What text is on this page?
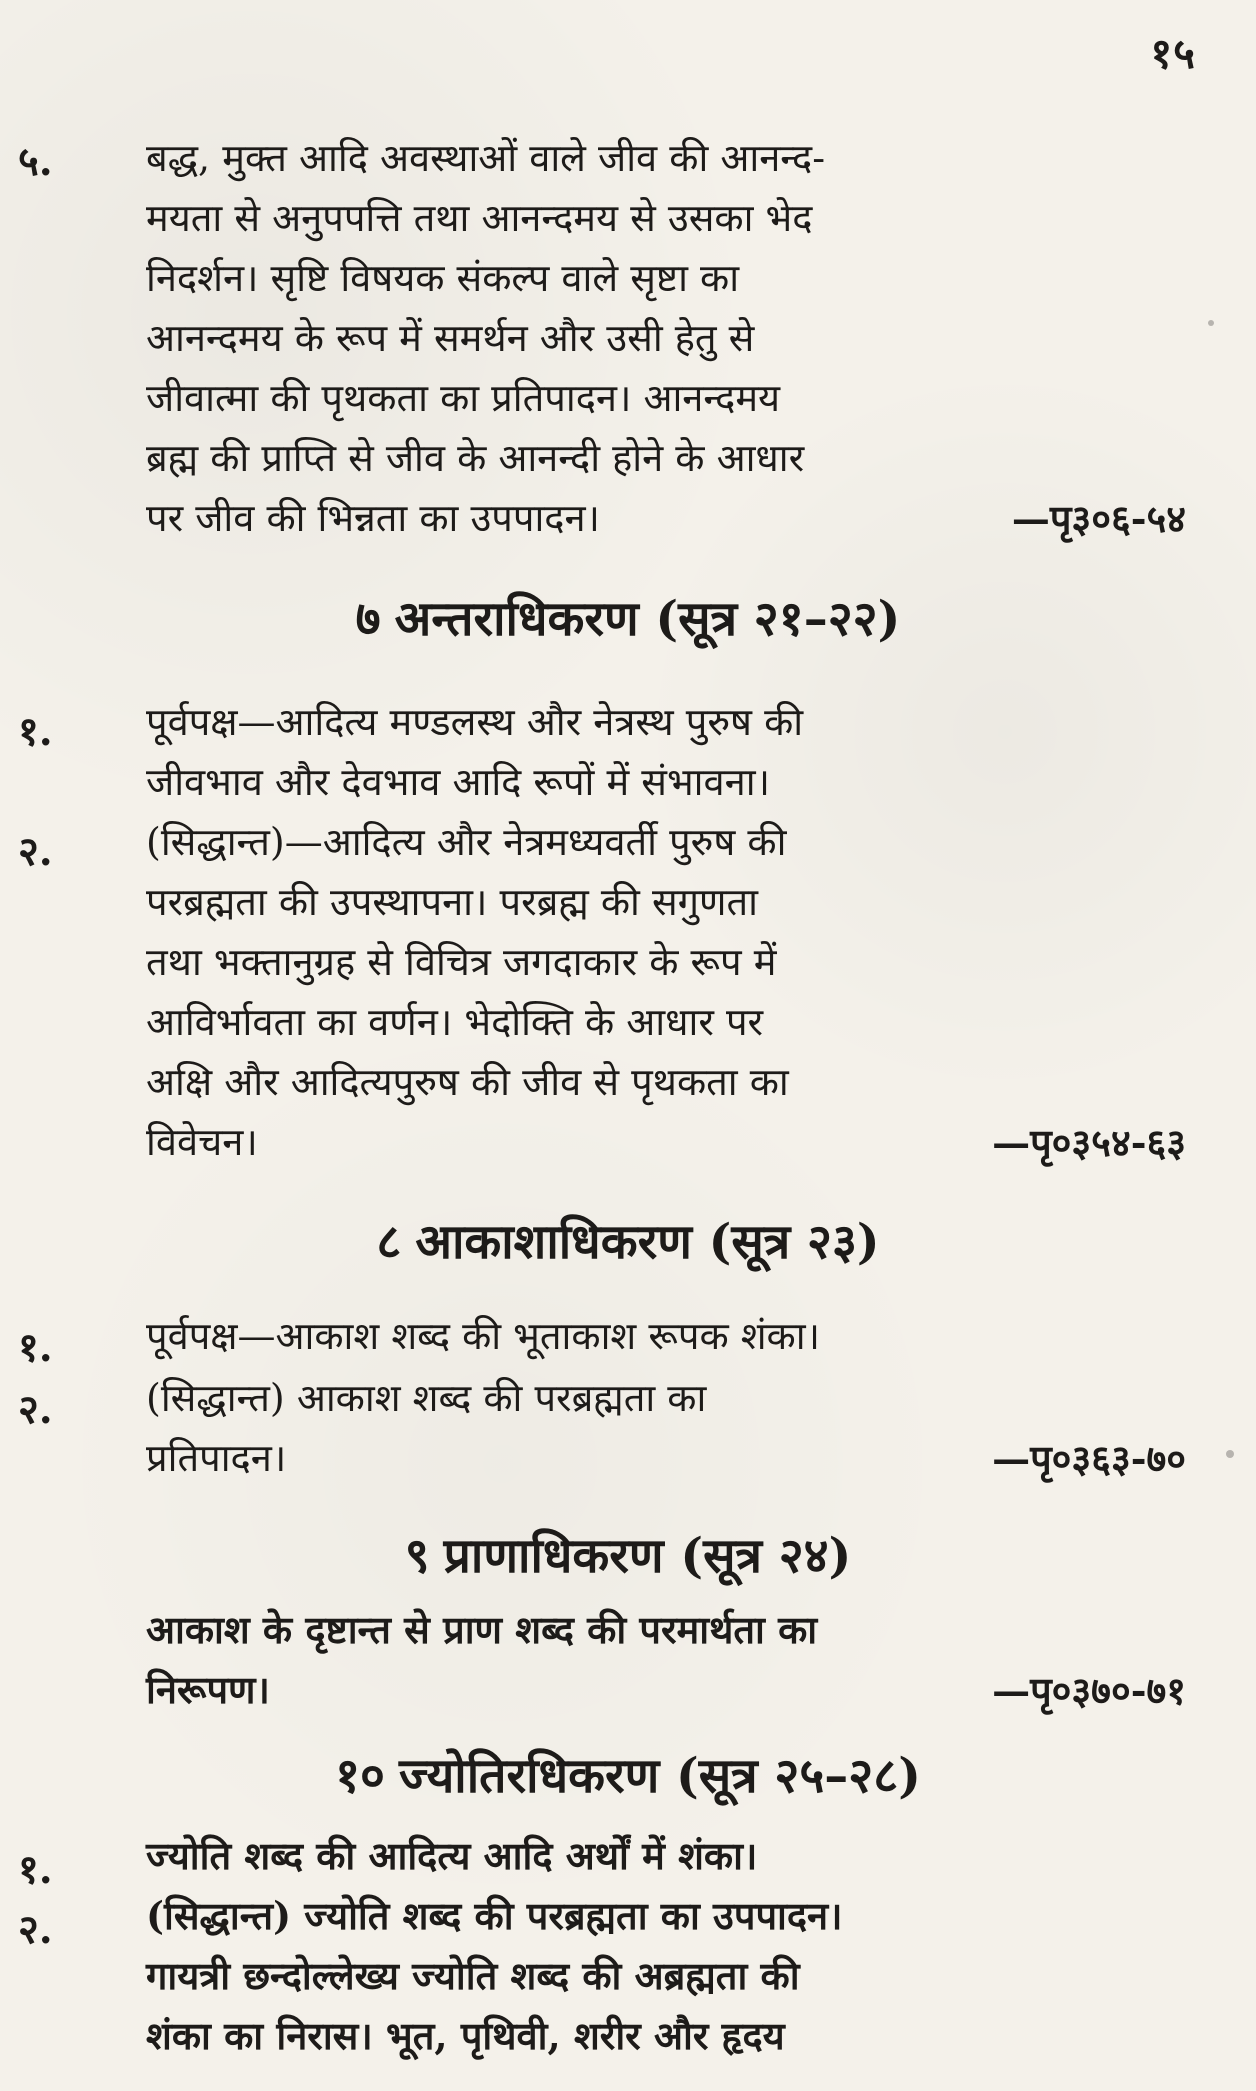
१५
५. बद्ध, मुक्त आदि अवस्थाओं वाले जीव की आनन्द-
मयता से अनुपपत्ति तथा आनन्दमय से उसका भेद
निदर्शन। सृष्टि विषयक संकल्प वाले सृष्टा का
आनन्दमय के रूप में समर्थन और उसी हेतु से
जीवात्मा की पृथकता का प्रतिपादन। आनन्दमय
ब्रह्म की प्राप्ति से जीव के आनन्दी होने के आधार
पर जीव की भिन्नता का उपपादन।	—पृ३०६-५४
७ अन्तराधिकरण (सूत्र २१–२२)
१. पूर्वपक्ष—आदित्य मण्डलस्थ और नेत्रस्थ पुरुष की
जीवभाव और देवभाव आदि रूपों में संभावना।
२. (सिद्धान्त)—आदित्य और नेत्रमध्यवर्ती पुरुष की
परब्रह्मता की उपस्थापना। परब्रह्म की सगुणता
तथा भक्तानुग्रह से विचित्र जगदाकार के रूप में
आविर्भावता का वर्णन। भेदोक्ति के आधार पर
अक्षि और आदित्यपुरुष की जीव से पृथकता का
विवेचन।	—पृ०३५४-६३
८ आकाशाधिकरण (सूत्र २३)
१. पूर्वपक्ष—आकाश शब्द की भूताकाश रूपक शंका।
२. (सिद्धान्त) आकाश शब्द की परब्रह्मता का
प्रतिपादन।	—पृ०३६३-७०
९ प्राणाधिकरण (सूत्र २४)
आकाश के दृष्टान्त से प्राण शब्द की परमार्थता का
निरूपण।	—पृ०३७०-७१
१० ज्योतिरधिकरण (सूत्र २५–२८)
१. ज्योति शब्द की आदित्य आदि अर्थों में शंका।
२. (सिद्धान्त) ज्योति शब्द की परब्रह्मता का उपपादन।
गायत्री छन्दोल्लेख्य ज्योति शब्द की अब्रह्मता की
शंका का निरास। भूत, पृथिवी, शरीर और हृदय
